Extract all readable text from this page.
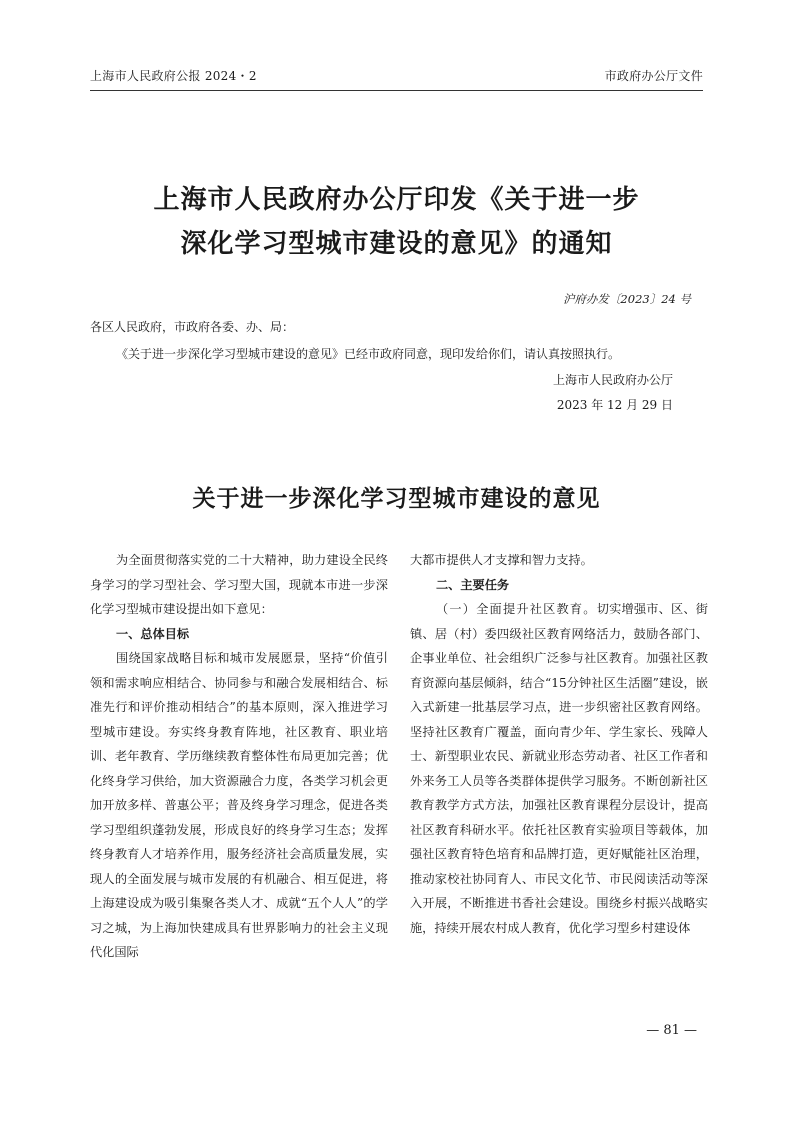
上海市人民政府公报 2024・2	市政府办公厅文件
上海市人民政府办公厅印发《关于进一步
深化学习型城市建设的意见》的通知
沪府办发〔2023〕24 号
各区人民政府，市政府各委、办、局：
《关于进一步深化学习型城市建设的意见》已经市政府同意，现印发给你们，请认真按照执行。
上海市人民政府办公厅
2023 年 12 月 29 日
关于进一步深化学习型城市建设的意见

为全面贯彻落实党的二十大精神，助力建设全民终身学习的学习型社会、学习型大国，现就本市进一步深化学习型城市建设提出如下意见：

一、总体目标

围绕国家战略目标和城市发展愿景，坚持“价值引领和需求响应相结合、协同参与和融合发展相结合、标准先行和评价推动相结合”的基本原则，深入推进学习型城市建设。夯实终身教育阵地，社区教育、职业培训、老年教育、学历继续教育整体性布局更加完善；优化终身学习供给，加大资源融合力度，各类学习机会更加开放多样、普惠公平；普及终身学习理念，促进各类学习型组织蓬勃发展，形成良好的终身学习生态；发挥终身教育人才培养作用，服务经济社会高质量发展，实现人的全面发展与城市发展的有机融合、相互促进，将上海建设成为吸引集聚各类人才、成就“五个人人”的学习之城，为上海加快建成具有世界影响力的社会主义现代化国际

大都市提供人才支撑和智力支持。

二、主要任务

（一）全面提升社区教育。切实增强市、区、街镇、居（村）委四级社区教育网络活力，鼓励各部门、企事业单位、社会组织广泛参与社区教育。加强社区教育资源向基层倾斜，结合“15分钟社区生活圈”建设，嵌入式新建一批基层学习点，进一步织密社区教育网络。坚持社区教育广覆盖，面向青少年、学生家长、残障人士、新型职业农民、新就业形态劳动者、社区工作者和外来务工人员等各类群体提供学习服务。不断创新社区教育教学方式方法，加强社区教育课程分层设计，提高社区教育科研水平。依托社区教育实验项目等载体，加强社区教育特色培育和品牌打造，更好赋能社区治理，推动家校社协同育人、市民文化节、市民阅读活动等深入开展，不断推进书香社会建设。围绕乡村振兴战略实施，持续开展农村成人教育，优化学习型乡村建设体

— 81 —
